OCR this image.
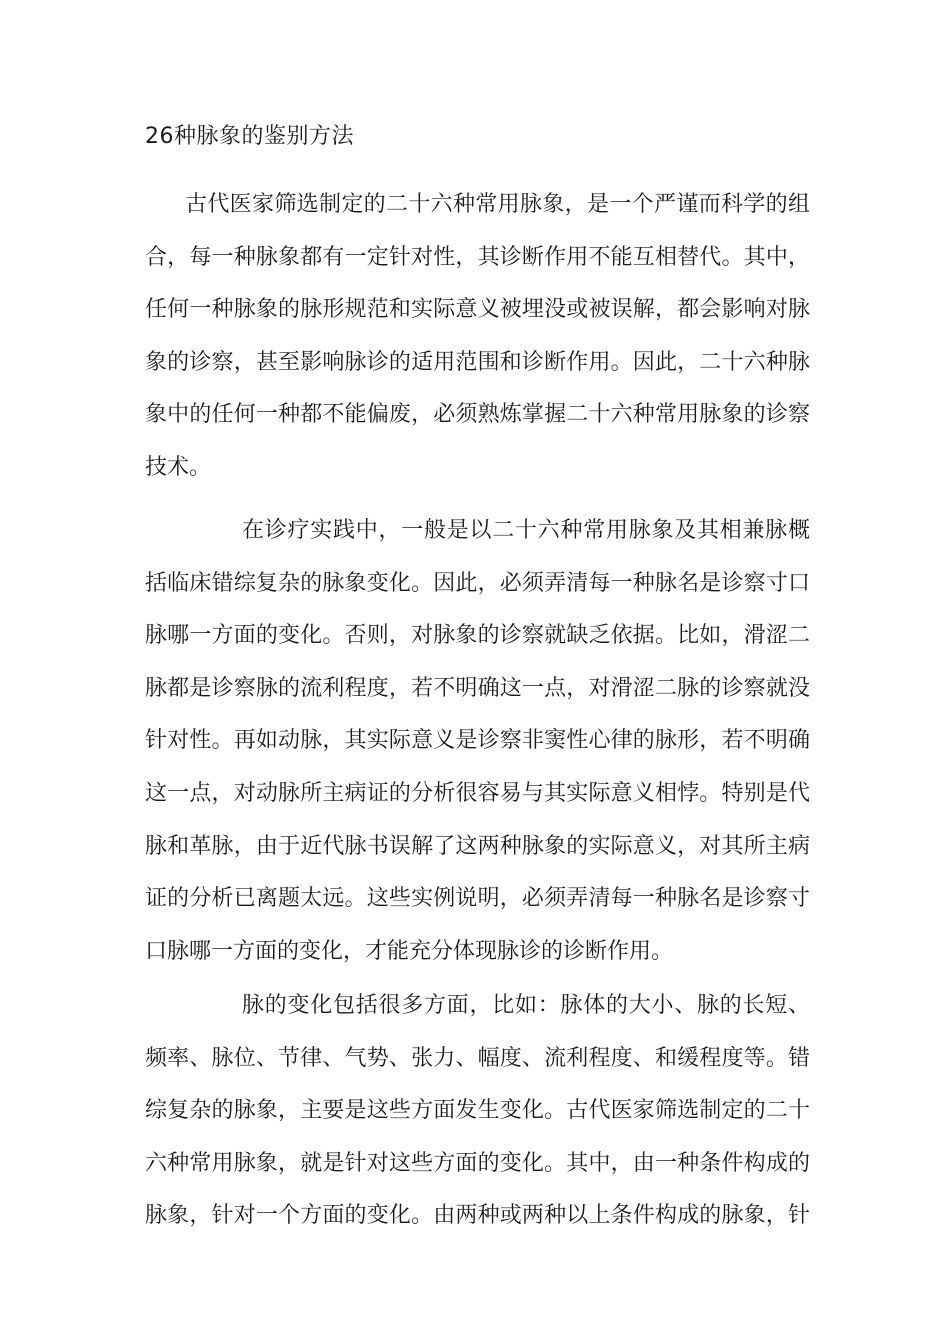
26种脉象的鉴别方法
古代医家筛选制定的二十六种常用脉象，是一个严谨而科学的组
合，每一种脉象都有一定针对性，其诊断作用不能互相替代。其中，
任何一种脉象的脉形规范和实际意义被埋没或被误解，都会影响对脉
象的诊察，甚至影响脉诊的适用范围和诊断作用。因此，二十六种脉
象中的任何一种都不能偏废，必须熟炼掌握二十六种常用脉象的诊察
技术。
在诊疗实践中，一般是以二十六种常用脉象及其相兼脉概
括临床错综复杂的脉象变化。因此，必须弄清每一种脉名是诊察寸口
脉哪一方面的变化。否则，对脉象的诊察就缺乏依据。比如，滑涩二
脉都是诊察脉的流利程度，若不明确这一点，对滑涩二脉的诊察就没
针对性。再如动脉，其实际意义是诊察非窦性心律的脉形，若不明确
这一点，对动脉所主病证的分析很容易与其实际意义相悖。特别是代
脉和革脉，由于近代脉书误解了这两种脉象的实际意义，对其所主病
证的分析已离题太远。这些实例说明，必须弄清每一种脉名是诊察寸
口脉哪一方面的变化，才能充分体现脉诊的诊断作用。
脉的变化包括很多方面，比如：脉体的大小、脉的长短、
频率、脉位、节律、气势、张力、幅度、流利程度、和缓程度等。错
综复杂的脉象，主要是这些方面发生变化。古代医家筛选制定的二十
六种常用脉象，就是针对这些方面的变化。其中，由一种条件构成的
脉象，针对一个方面的变化。由两种或两种以上条件构成的脉象，针
